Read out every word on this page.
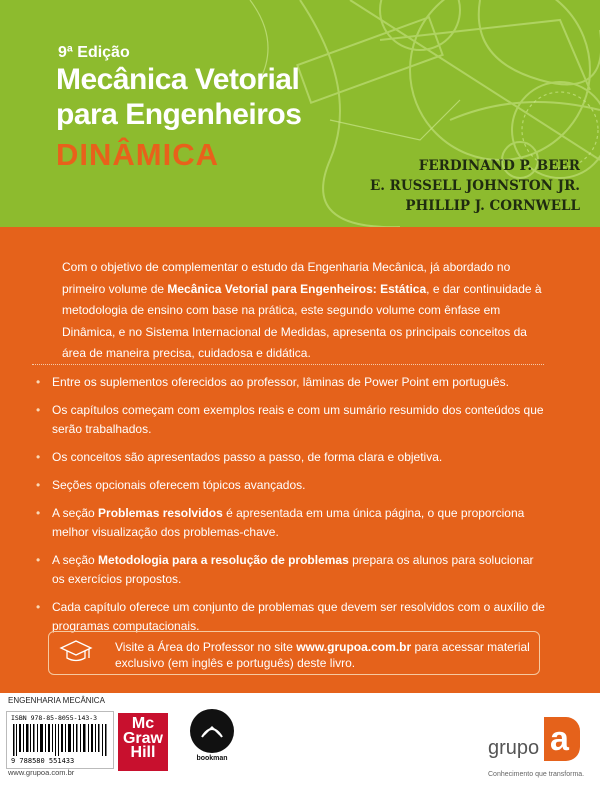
9ª Edição
Mecânica Vetorial
para Engenheiros
DINÂMICA	FERDINAND P. BEER
E. RUSSELL JOHNSTON JR.
PHILLIP J. CORNWELL

Com o objetivo de complementar o estudo da Engenharia Mecânica, já abordado no primeiro volume de Mecânica Vetorial para Engenheiros: Estática, e dar continuidade à metodologia de ensino com base na prática, este segundo volume com ênfase em Dinâmica, e no Sistema Internacional de Medidas, apresenta os principais conceitos da área de maneira precisa, cuidadosa e didática.

• Entre os suplementos oferecidos ao professor, lâminas de Power Point em português.
• Os capítulos começam com exemplos reais e com um sumário resumido dos conteúdos que serão trabalhados.
• Os conceitos são apresentados passo a passo, de forma clara e objetiva.
• Seções opcionais oferecem tópicos avançados.
• A seção Problemas resolvidos é apresentada em uma única página, o que proporciona melhor visualização dos problemas-chave.
• A seção Metodologia para a resolução de problemas prepara os alunos para solucionar os exercícios propostos.
• Cada capítulo oferece um conjunto de problemas que devem ser resolvidos com o auxílio de programas computacionais.
Visite a Área do Professor no site www.grupoa.com.br para acessar material exclusivo (em inglês e português) deste livro.
ENGENHARIA MECÂNICA
ISBN 978-85-8055-143-3
9 788580 551433
www.grupoa.com.br
Mc
Graw
Hill	bookman	grupo a
Conhecimento que transforma.
